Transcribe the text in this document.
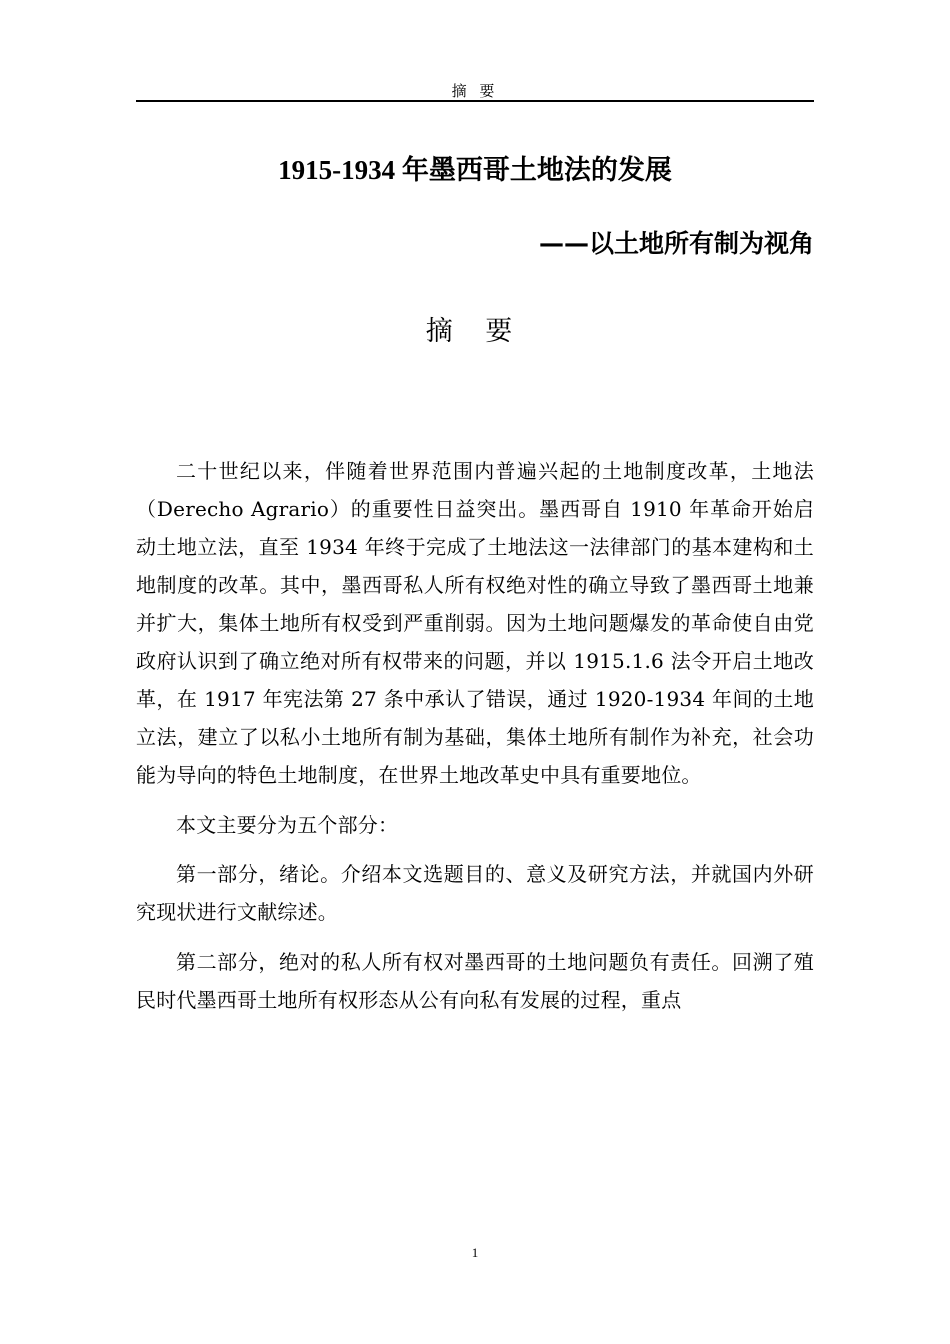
摘 要
1915-1934 年墨西哥土地法的发展
——以土地所有制为视角
摘 要

二十世纪以来，伴随着世界范围内普遍兴起的土地制度改革，土地法（Derecho Agrario）的重要性日益突出。墨西哥自 1910 年革命开始启动土地立法，直至 1934 年终于完成了土地法这一法律部门的基本建构和土地制度的改革。其中，墨西哥私人所有权绝对性的确立导致了墨西哥土地兼并扩大，集体土地所有权受到严重削弱。因为土地问题爆发的革命使自由党政府认识到了确立绝对所有权带来的问题，并以 1915.1.6 法令开启土地改革，在 1917 年宪法第 27 条中承认了错误，通过 1920-1934 年间的土地立法，建立了以私小土地所有制为基础，集体土地所有制作为补充，社会功能为导向的特色土地制度，在世界土地改革史中具有重要地位。

本文主要分为五个部分：

第一部分，绪论。介绍本文选题目的、意义及研究方法，并就国内外研究现状进行文献综述。

第二部分，绝对的私人所有权对墨西哥的土地问题负有责任。回溯了殖民时代墨西哥土地所有权形态从公有向私有发展的过程，重点

1
